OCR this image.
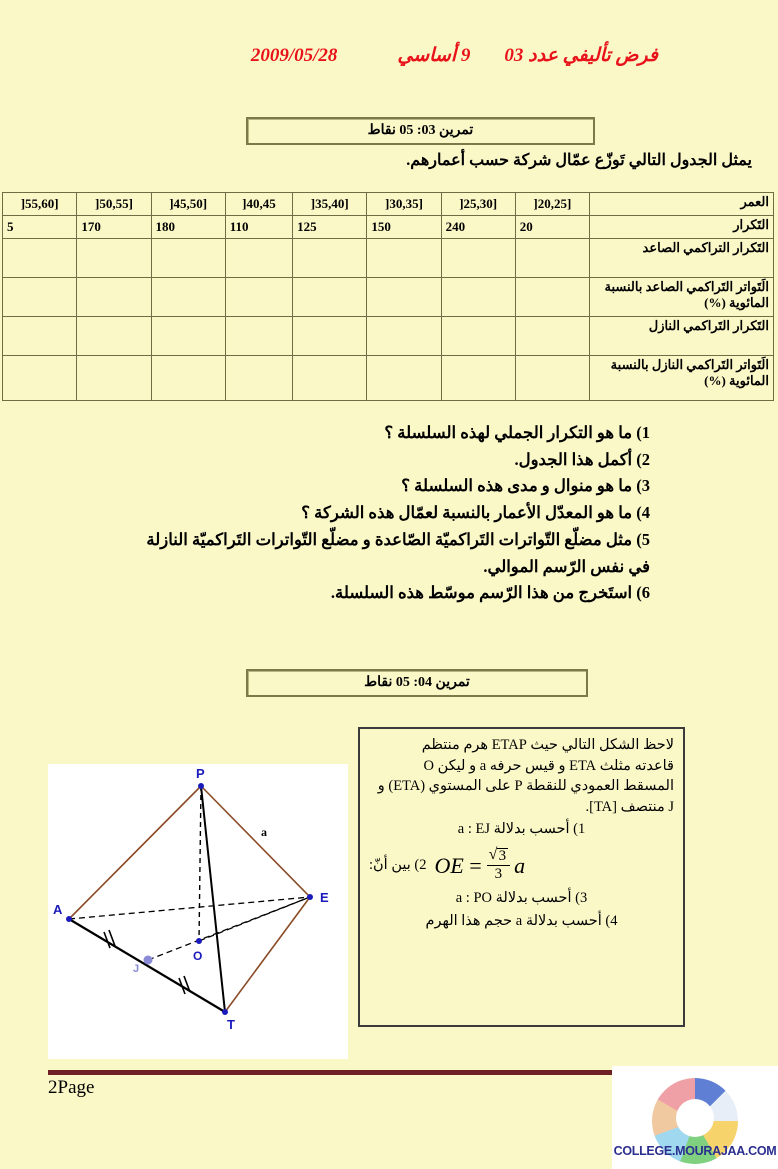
فرض تأليفي عدد 03
9 أساسي
2009/05/28
تمرين 03: 05 نقاط
يمثل الجدول التالي تَوزّع عمّال شركة حسب أعمارهم.
العمر	[20,25[	[25,30[	[30,35[	[35,40[	40,45[	[45,50[	[50,55[	[55,60[
التَكرار	20	240	150	125	110	180	170	5
التَكرار التراكمي الصاعد								
الَتَواتر التَراكمي الصاعد بالنسبة المائوية (%)								
التَكرار التَراكمي النازل								
الَتَواتر التَراكمي النازل بالنسبة المائوية (%)								
1) ما هو التكرار الجملي لهذه السلسلة ؟
2) أكمل هذا الجدول.
3) ما هو منوال و مدى هذه السلسلة ؟
4) ما هو المعدّل الأعمار بالنسبة لعمّال هذه الشركة ؟
5) مثل مضلّع التّواترات التَراكميّة الصّاعدة و مضلّع التّواترات التَراكميّة النازلة
في نفس الرّسم الموالي.
6) استَخرج من هذا الرّسم موسّط هذه السلسلة.
تمرين 04: 05 نقاط
لاحظ الشكل التالي حيث ETAP هرم منتظم
قاعدته مثلث ETA و قيس حرفه a و ليكن O
المسقط العمودي للنقطة P على المستوي (ETA) و
J منتصف [TA].
1) أحسب بدلالة a : EJ
2) بين أنّ: OE = √ $\frac{3}{3}$ a
3) أحسب بدلالة a : PO
4) أحسب بدلالة a حجم هذا الهرم
P
E
A
T
O
J
a
2Page
COLLEGE.MOURAJAA.COM
